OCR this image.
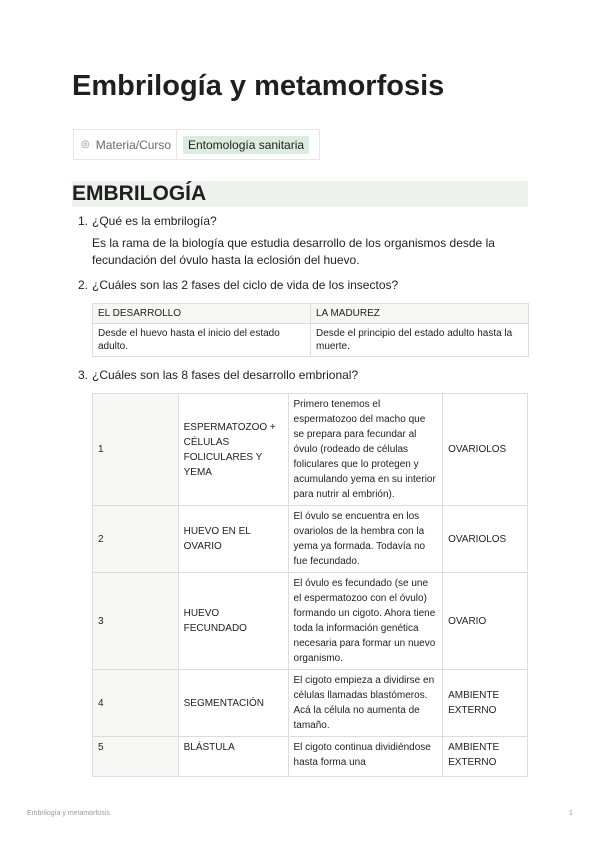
Embrilogía y metamorfosis
◎ Materia/Curso	Entomología sanitaria
EMBRILOGÍA
1. ¿Qué es la embrilogía?
Es la rama de la biología que estudia desarrollo de los organismos desde la fecundación del óvulo hasta la eclosión del huevo.
2. ¿Cuáles son las 2 fases del ciclo de vida de los insectos?
EL DESARROLLO	LA MADUREZ
Desde el huevo hasta el inicio del estado adulto.	Desde el principio del estado adulto hasta la muerte.
3. ¿Cuáles son las 8 fases del desarrollo embrional?
1	ESPERMATOZOO + CÉLULAS FOLICULARES Y YEMA	Primero tenemos el espermatozoo del macho que se prepara para fecundar al óvulo (rodeado de células foliculares que lo protegen y acumulando yema en su interior para nutrir al embrión).	OVARIOLOS
2	HUEVO EN EL OVARIO	El óvulo se encuentra en los ovariolos de la hembra con la yema ya formada. Todavía no fue fecundado.	OVARIOLOS
3	HUEVO FECUNDADO	El óvulo es fecundado (se une el espermatozoo con el óvulo) formando un cigoto. Ahora tiene toda la información genética necesaria para formar un nuevo organismo.	OVARIO
4	SEGMENTACIÓN	El cigoto empieza a dividirse en células llamadas blastómeros. Acá la célula no aumenta de tamaño.	AMBIENTE EXTERNO
5	BLÁSTULA	El cigoto continua dividiéndose hasta forma una	AMBIENTE EXTERNO
Embrilogía y metamorfosis	1
